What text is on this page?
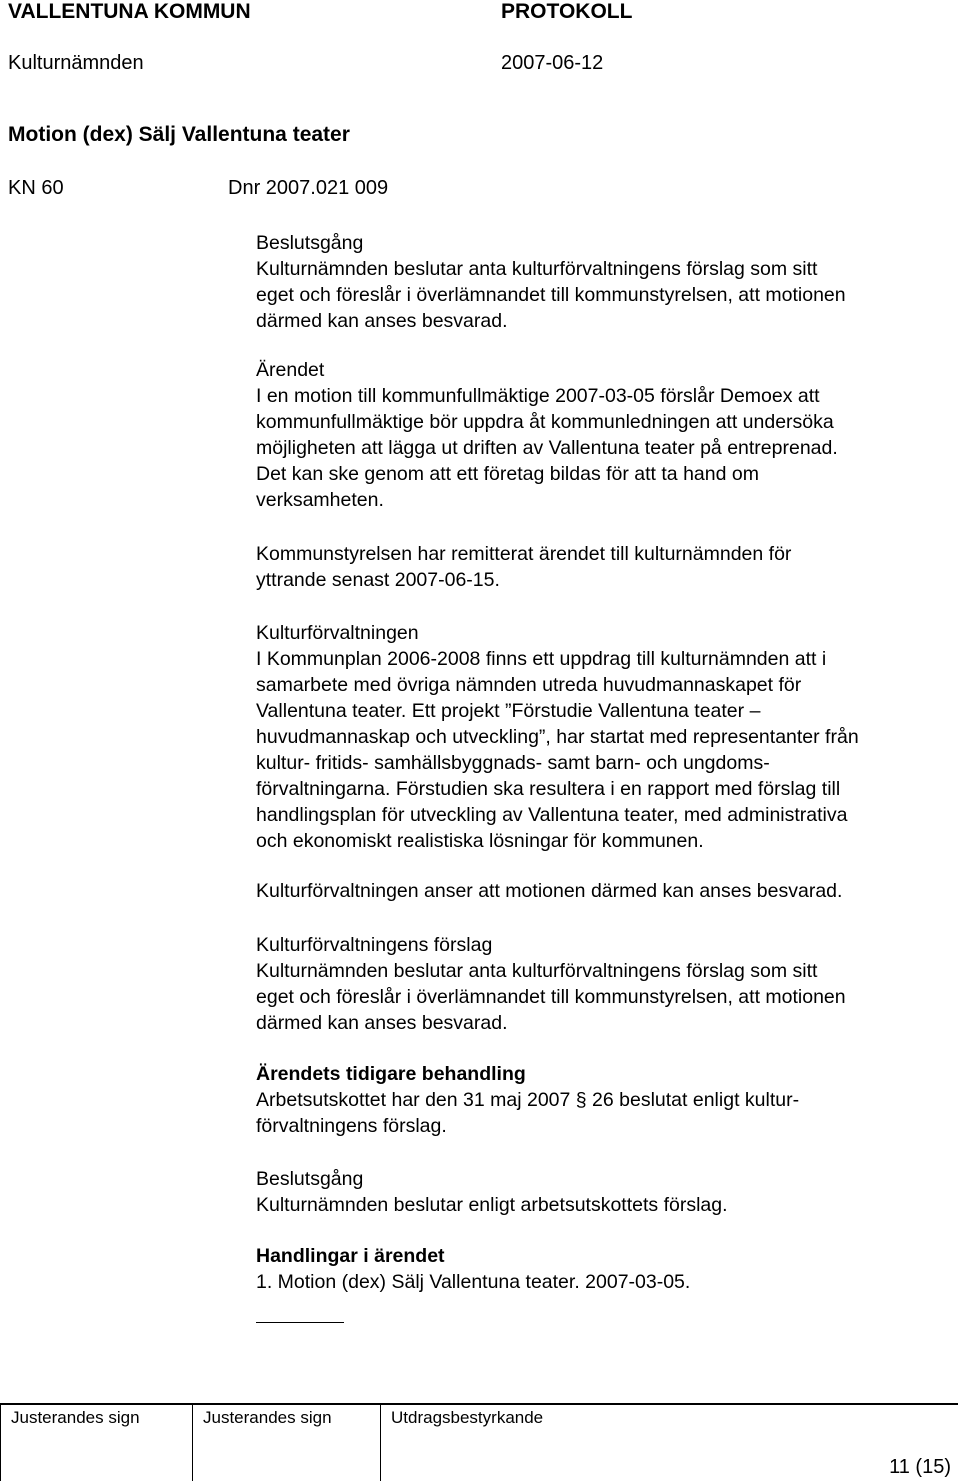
VALLENTUNA KOMMUN	PROTOKOLL
Kulturnämnden	2007-06-12
Motion (dex) Sälj Vallentuna teater
KN 60	Dnr 2007.021 009
Beslutsgång
Kulturnämnden beslutar anta kulturförvaltningens förslag som sitt
eget och föreslår i överlämnandet till kommunstyrelsen, att motionen
därmed kan anses besvarad.
Ärendet
I en motion till kommunfullmäktige 2007-03-05 förslår Demoex att
kommunfullmäktige bör uppdra åt kommunledningen att undersöka
möjligheten att lägga ut driften av Vallentuna teater på entreprenad.
Det kan ske genom att ett företag bildas för att ta hand om
verksamheten.
Kommunstyrelsen har remitterat ärendet till kulturnämnden för
yttrande senast 2007-06-15.
Kulturförvaltningen
I Kommunplan 2006-2008 finns ett uppdrag till kulturnämnden att i
samarbete med övriga nämnden utreda huvudmannaskapet för
Vallentuna teater. Ett projekt ”Förstudie Vallentuna teater –
huvudmannaskap och utveckling”, har startat med representanter från
kultur- fritids- samhällsbyggnads- samt barn- och ungdoms-
förvaltningarna. Förstudien ska resultera i en rapport med förslag till
handlingsplan för utveckling av Vallentuna teater, med administrativa
och ekonomiskt realistiska lösningar för kommunen.
Kulturförvaltningen anser att motionen därmed kan anses besvarad.
Kulturförvaltningens förslag
Kulturnämnden beslutar anta kulturförvaltningens förslag som sitt
eget och föreslår i överlämnandet till kommunstyrelsen, att motionen
därmed kan anses besvarad.
Ärendets tidigare behandling
Arbetsutskottet har den 31 maj 2007 § 26 beslutat enligt kultur-
förvaltningens förslag.
Beslutsgång
Kulturnämnden beslutar enligt arbetsutskottets förslag.
Handlingar i ärendet
1. Motion (dex) Sälj Vallentuna teater. 2007-03-05.
Justerandes sign	Justerandes sign	Utdragsbestyrkande
11 (15)
